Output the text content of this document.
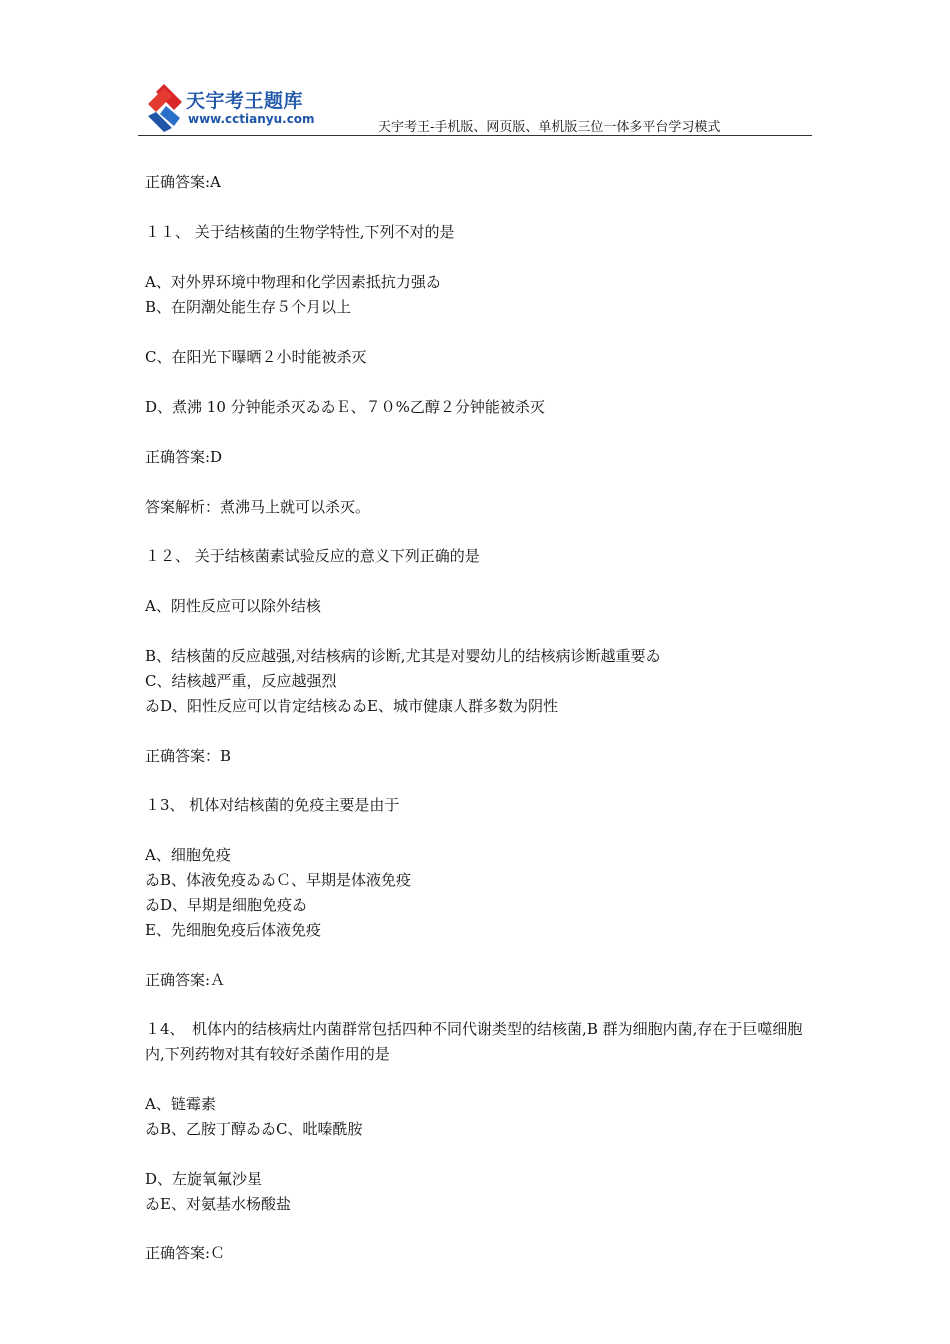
天宇考王题库
www.cctianyu.com
天宇考王-手机版、网页版、单机版三位一体多平台学习模式
正确答案:A
１１、 关于结核菌的生物学特性,下列不对的是
A、对外界环境中物理和化学因素抵抗力强ゐ
B、在阴潮处能生存５个月以上
C、在阳光下曝晒２小时能被杀灭
D、煮沸 10 分钟能杀灭ゐゐＥ、７０%乙醇２分钟能被杀灭
正确答案:D
答案解析：煮沸马上就可以杀灭。
１２、 关于结核菌素试验反应的意义下列正确的是
A、阴性反应可以除外结核
B、结核菌的反应越强,对结核病的诊断,尤其是对婴幼儿的结核病诊断越重要ゐ
C、结核越严重，反应越强烈
ゐD、阳性反应可以肯定结核ゐゐE、城市健康人群多数为阴性
正确答案：B
１3、 机体对结核菌的免疫主要是由于
A、细胞免疫
ゐB、体液免疫ゐゐＣ、早期是体液免疫
ゐD、早期是细胞免疫ゐ
E、先细胞免疫后体液免疫
正确答案:Ａ
１4、　机体内的结核病灶内菌群常包括四种不同代谢类型的结核菌,B 群为细胞内菌,存在于巨噬细胞内,下列药物对其有较好杀菌作用的是
A、链霉素
ゐB、乙胺丁醇ゐゐC、吡嗪酰胺
D、左旋氧氟沙星
ゐE、对氨基水杨酸盐
正确答案:Ｃ
